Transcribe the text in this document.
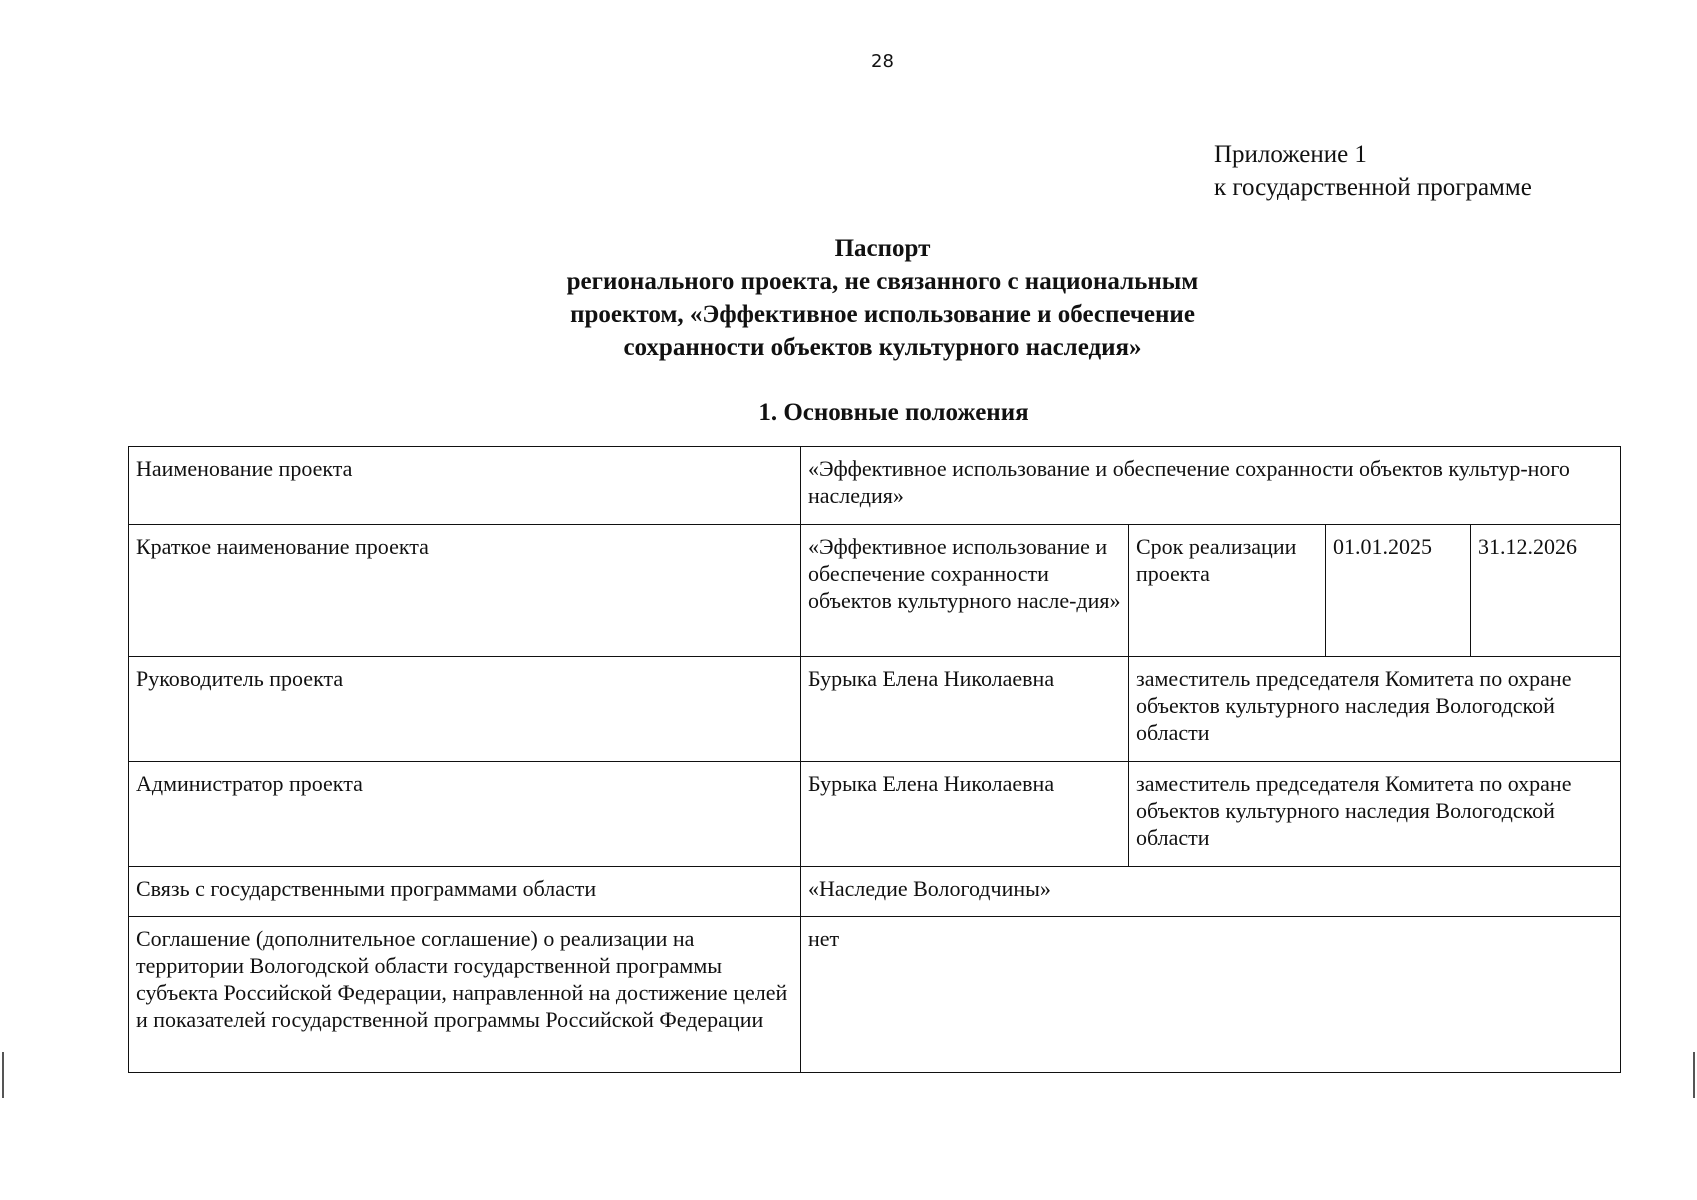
28
Приложение 1
к государственной программе
Паспорт
регионального проекта, не связанного с национальным
проектом, «Эффективное использование и обеспечение
сохранности объектов культурного наследия»
1. Основные положения
Наименование проекта	«Эффективное использование и обеспечение сохранности объектов культур-ного наследия»			
Краткое наименование проекта	«Эффективное использование и обеспечение сохранности объектов культурного насле-дия»	Срок реализации проекта	01.01.2025	31.12.2026
Руководитель проекта	Бурыка Елена Николаевна	заместитель председателя Комитета по охране объектов культурного наследия Вологодской области		
Администратор проекта	Бурыка Елена Николаевна	заместитель председателя Комитета по охране объектов культурного наследия Вологодской области		
Связь с государственными программами области	«Наследие Вологодчины»			
Соглашение (дополнительное соглашение) о реализации на территории Вологодской области государственной программы субъекта Российской Федерации, направленной на достижение целей и показателей государственной программы Российской Федерации	нет			
